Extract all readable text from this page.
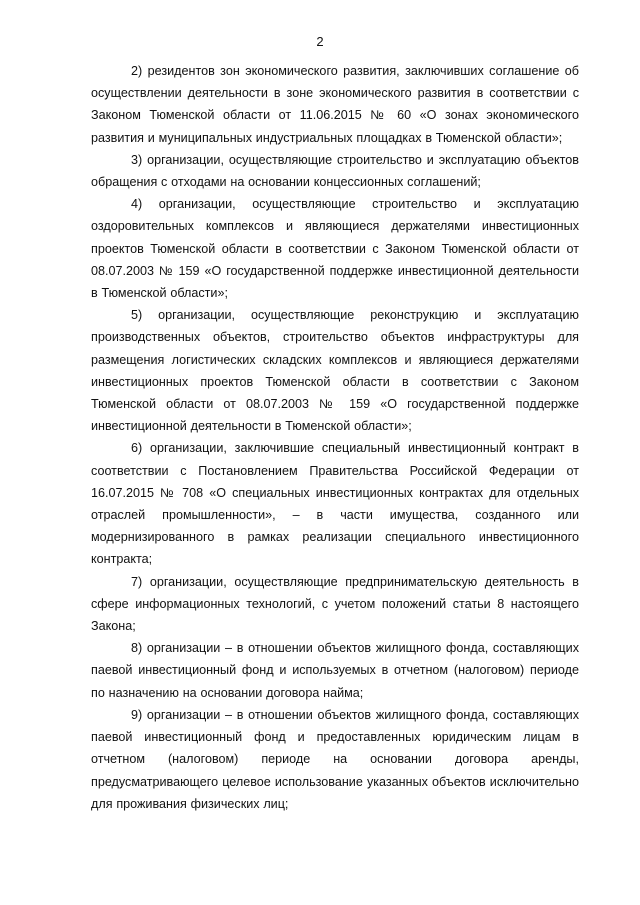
2

2) резидентов зон экономического развития, заключивших соглашение об осуществлении деятельности в зоне экономического развития в соответствии с Законом Тюменской области от 11.06.2015 № 60 «О зонах экономического развития и муниципальных индустриальных площадках в Тюменской области»;

3) организации, осуществляющие строительство и эксплуатацию объектов обращения с отходами на основании концессионных соглашений;

4) организации, осуществляющие строительство и эксплуатацию оздоровительных комплексов и являющиеся держателями инвестиционных проектов Тюменской области в соответствии с Законом Тюменской области от 08.07.2003 № 159 «О государственной поддержке инвестиционной деятельности в Тюменской области»;

5) организации, осуществляющие реконструкцию и эксплуатацию производственных объектов, строительство объектов инфраструктуры для размещения логистических складских комплексов и являющиеся держателями инвестиционных проектов Тюменской области в соответствии с Законом Тюменской области от 08.07.2003 № 159 «О государственной поддержке инвестиционной деятельности в Тюменской области»;

6) организации, заключившие специальный инвестиционный контракт в соответствии с Постановлением Правительства Российской Федерации от 16.07.2015 № 708 «О специальных инвестиционных контрактах для отдельных отраслей промышленности», – в части имущества, созданного или модернизированного в рамках реализации специального инвестиционного контракта;

7) организации, осуществляющие предпринимательскую деятельность в сфере информационных технологий, с учетом положений статьи 8 настоящего Закона;

8) организации – в отношении объектов жилищного фонда, составляющих паевой инвестиционный фонд и используемых в отчетном (налоговом) периоде по назначению на основании договора найма;

9) организации – в отношении объектов жилищного фонда, составляющих паевой инвестиционный фонд и предоставленных юридическим лицам в отчетном (налоговом) периоде на основании договора аренды, предусматривающего целевое использование указанных объектов исключительно для проживания физических лиц;
